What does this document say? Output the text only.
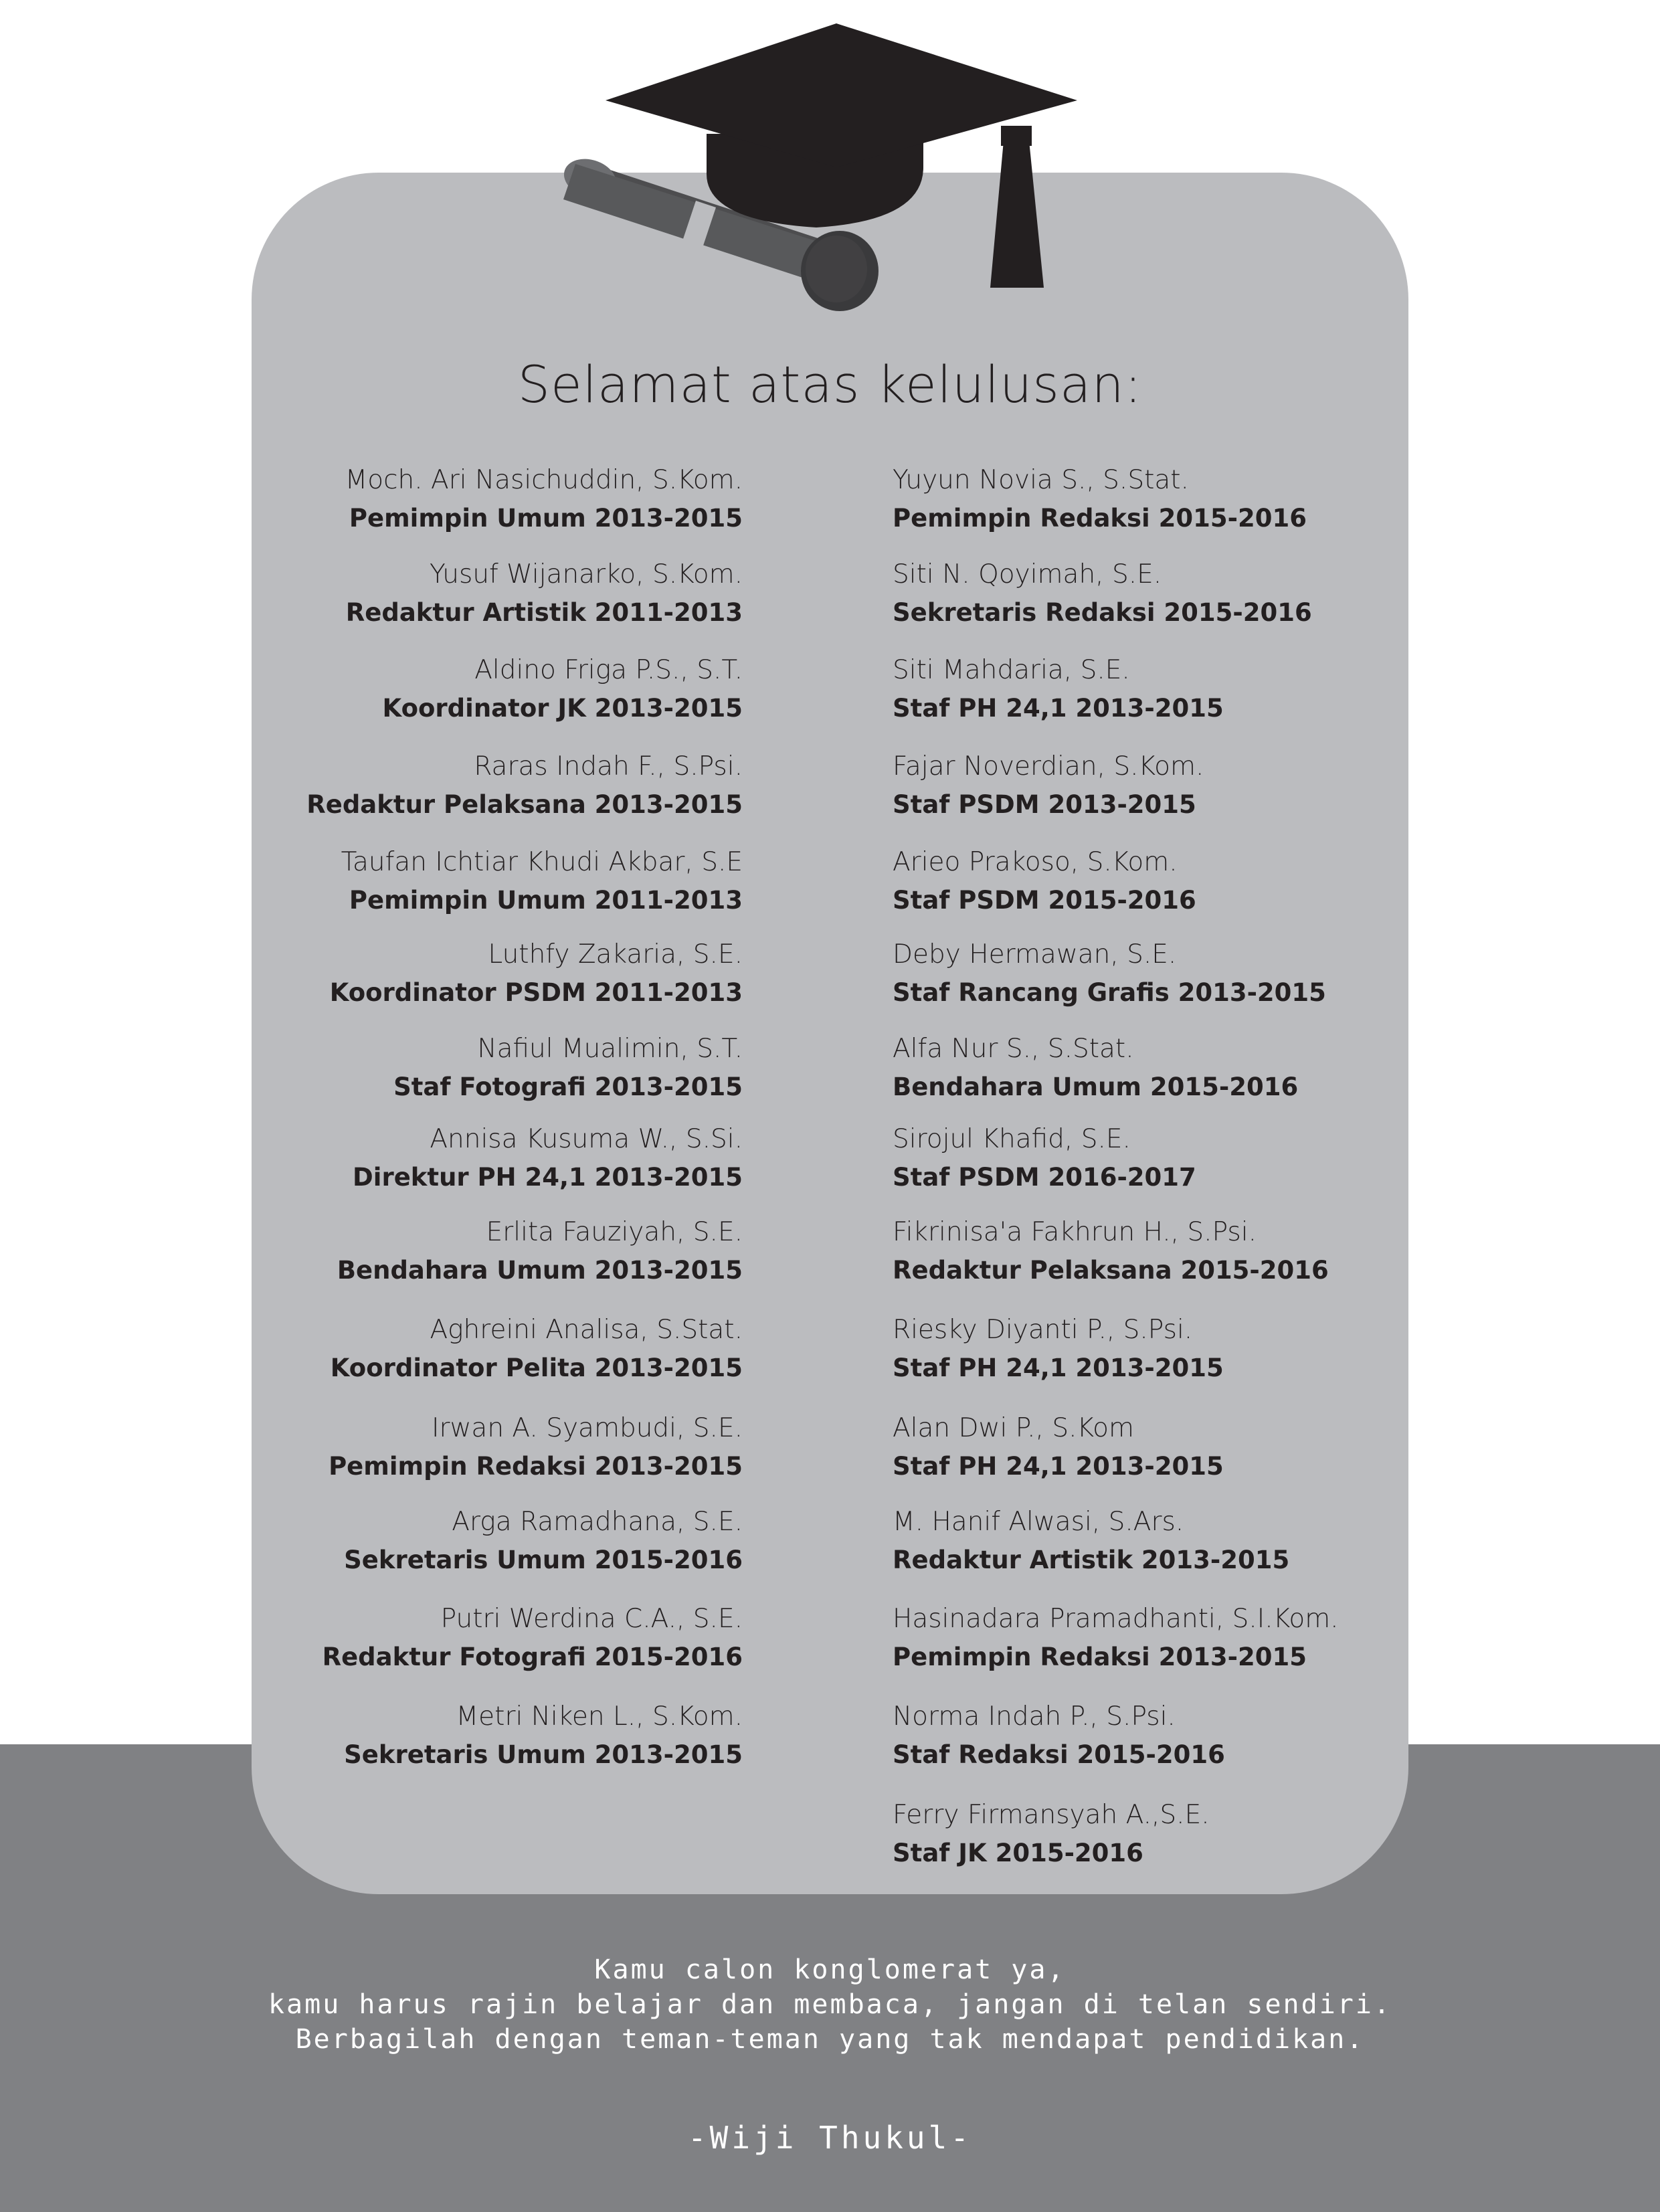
Selamat atas kelulusan:
Moch. Ari Nasichuddin, S.Kom.
Pemimpin Umum 2013-2015
Yusuf Wijanarko, S.Kom.
Redaktur Artistik 2011-2013
Aldino Friga P.S., S.T.
Koordinator JK 2013-2015
Raras Indah F., S.Psi.
Redaktur Pelaksana 2013-2015
Taufan Ichtiar Khudi Akbar, S.E
Pemimpin Umum 2011-2013
Luthfy Zakaria, S.E.
Koordinator PSDM 2011-2013
Nafiul Mualimin, S.T.
Staf Fotografi 2013-2015
Annisa Kusuma W., S.Si.
Direktur PH 24,1 2013-2015
Erlita Fauziyah, S.E.
Bendahara Umum 2013-2015
Aghreini Analisa, S.Stat.
Koordinator Pelita 2013-2015
Irwan A. Syambudi, S.E.
Pemimpin Redaksi 2013-2015
Arga Ramadhana, S.E.
Sekretaris Umum 2015-2016
Putri Werdina C.A., S.E.
Redaktur Fotografi 2015-2016
Metri Niken L., S.Kom.
Sekretaris Umum 2013-2015
Yuyun Novia S., S.Stat.
Pemimpin Redaksi 2015-2016
Siti N. Qoyimah, S.E.
Sekretaris Redaksi 2015-2016
Siti Mahdaria, S.E.
Staf PH 24,1 2013-2015
Fajar Noverdian, S.Kom.
Staf PSDM 2013-2015
Arieo Prakoso, S.Kom.
Staf PSDM 2015-2016
Deby Hermawan, S.E.
Staf Rancang Grafis 2013-2015
Alfa Nur S., S.Stat.
Bendahara Umum 2015-2016
Sirojul Khafid, S.E.
Staf PSDM 2016-2017
Fikrinisa'a Fakhrun H., S.Psi.
Redaktur Pelaksana 2015-2016
Riesky Diyanti P., S.Psi.
Staf PH 24,1 2013-2015
Alan Dwi P., S.Kom
Staf PH 24,1 2013-2015
M. Hanif Alwasi, S.Ars.
Redaktur Artistik 2013-2015
Hasinadara Pramadhanti, S.I.Kom.
Pemimpin Redaksi 2013-2015
Norma Indah P., S.Psi.
Staf Redaksi 2015-2016
Ferry Firmansyah A.,S.E.
Staf JK 2015-2016
Kamu calon konglomerat ya,
kamu harus rajin belajar dan membaca, jangan di telan sendiri.
Berbagilah dengan teman-teman yang tak mendapat pendidikan.
-Wiji Thukul-
